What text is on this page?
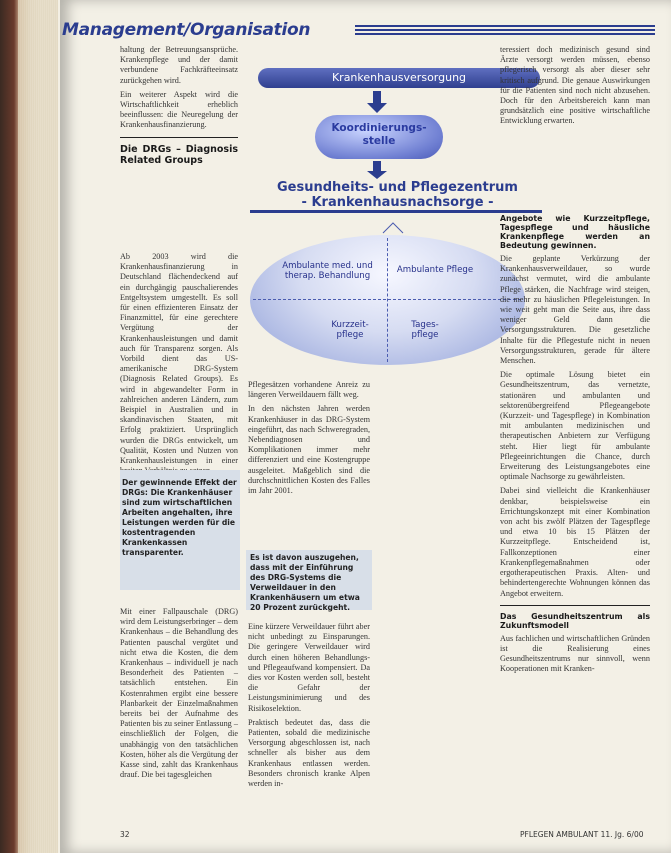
Management/Organisation
Krankenhausversorgung
Koordinierungs-
stelle
Gesundheits- und Pflegezentrum
- Krankenhausnachsorge -
Ambulante med. und therap. Behandlung
Ambulante Pflege
Kurzzeit-pflege
Tages-pflege

haltung der Betreuungsansprüche. Krankenpflege und der damit verbundene Fachkräfteeinsatz zurückgehen wird.

Ein weiterer Aspekt wird die Wirtschaftlichkeit erheblich beeinflussen: die Neuregelung der Krankenhausfinanzierung.

Die DRGs – Diagnosis Related Groups

Ab 2003 wird die Krankenhausfinanzierung in Deutschland flächendeckend auf ein durchgängig pauschalierendes Entgeltsystem umgestellt. Es soll für einen effizienteren Einsatz der Finanzmittel, für eine gerechtere Vergütung der Krankenhausleistungen und damit auch für Transparenz sorgen. Als Vorbild dient das US-amerikanische DRG-System (Diagnosis Related Groups). Es wird in abgewandelter Form in zahlreichen anderen Ländern, zum Beispiel in Australien und in skandinavischen Staaten, mit Erfolg praktiziert. Ursprünglich wurden die DRGs entwickelt, um Qualität, Kosten und Nutzen von Krankenhausleistungen in einer

Der gewinnende Effekt der DRGs: Die Krankenhäuser sind zum wirtschaftlichen Arbeiten angehalten, ihre Leistungen werden für die kostentragenden Krankenkassen transparenter.

Mit einer Fallpauschale (DRG) wird dem Leistungserbringer – dem Krankenhaus – die Behandlung des Patienten pauschal vergütet und nicht etwa die Kosten, die dem Krankenhaus – individuell je nach Besonderheit des Patienten – tatsächlich entstehen. Ein Kostenrahmen ergibt eine bessere Planbarkeit der Einzelmaßnahmen bereits bei der Aufnahme des Patienten bis zu seiner Entlassung – einschließlich der Folgen, die unabhängig von den tatsächlichen Kosten, höher als die Vergütung der Kasse sind, zahlt das Krankenhaus drauf. Die bei tagesgleichen

Pflegesätzen vorhandene Anreiz zu längeren Verweildauern fällt weg.

In den nächsten Jahren werden Krankenhäuser in das DRG-System eingeführt, das nach Schweregraden, Nebendiagnosen und Komplikationen immer mehr differenziert und eine Kostengruppe ausgeleitet. Maßgeblich sind die durchschnittlichen Kosten des Falles im Jahr 2001.

Es ist davon auszugehen, dass mit der Einführung des DRG-Systems die Verweildauer in den Krankenhäusern um etwa 20 Prozent zurückgeht.

Eine kürzere Verweildauer führt aber nicht unbedingt zu Einsparungen. Die geringere Verweildauer wird durch einen höheren Behandlungs- und Pflegeaufwand kompensiert. Da dies vor Kosten werden soll, besteht die Gefahr der Leistungsminimierung und des Risikoselektion.

Praktisch bedeutet das, dass die Patienten, sobald die medizinische Versorgung abgeschlossen ist, nach schneller als bisher aus dem Krankenhaus entlassen werden. Besonders chronisch kranke Alpen werden in-

teressiert doch medizinisch gesund sind Ärzte versorgt werden müssen, ebenso pflegerisch versorgt als aber dieser sehr kritisch aufgrund. Die genaue Auswirkungen für die Patienten sind noch nicht abzusehen. Doch für den Arbeitsbereich kann man grundsätzlich eine positive wirtschaftliche Entwicklung erwarten.

Angebote wie Kurzzeitpflege, Tagespflege und häusliche Krankenpflege werden an Bedeutung gewinnen.

Die geplante Verkürzung der Krankenhausverweildauer, so wurde zunächst vermutet, wird die ambulante Pflege stärken, die Nachfrage wird steigen, die mehr zu häuslichen Pflegeleistungen. In wie weit geht man die Seite aus, ihre dass weniger Geld dann die Versorgungsstrukturen. Die gesetzliche Inhalte für die Pflegestufe nicht in neuen Versorgungsstrukturen, gerade für ältere Menschen.

Die optimale Lösung bietet ein Gesundheitszentrum, das vernetzte, stationären und ambulanten und sektorenübergreifend Pflegeangebote (Kurzzeit- und Tagespflege) in Kombination mit ambulanten medizinischen und therapeutischen Anbietern zur Verfügung steht. Hier liegt für ambulante Pflegeeinrichtungen die Chance, durch Erweiterung des Leistungsangebotes eine optimale Nachsorge zu gewährleisten.

Dabei sind vielleicht die Krankenhäuser denkbar, beispielsweise ein Errichtungskonzept mit einer Kombination von acht bis zwölf Plätzen der Tagespflege und etwa 10 bis 15 Plätzen der Kurzzeitpflege. Entscheidend ist, Fallkonzeptionen einer Krankenpflegemaßnahmen oder ergotherapeutischen Praxis. Alten- und behindertengerechte Wohnungen können das Angebot erweitern.

Das Gesundheitszentrum als Zukunftsmodell

Aus fachlichen und wirtschaftlichen Gründen ist die Realisierung eines Gesundheitszentrums nur sinnvoll, wenn Kooperationen mit Kranken-

32	PFLEGEN AMBULANT 11. Jg. 6/00
